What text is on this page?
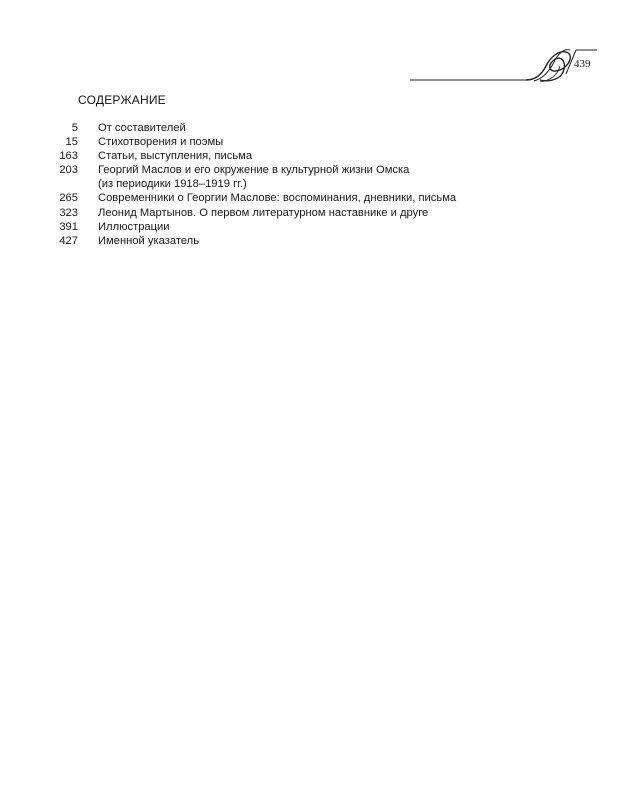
439
СОДЕРЖАНИЕ
5 От составителей
15 Стихотворения и поэмы
163 Статьи, выступления, письма
203 Георгий Маслов и его окружение в культурной жизни Омска
(из периодики 1918–1919 гг.)
265 Современники о Георгии Маслове: воспоминания, дневники, письма
323 Леонид Мартынов. О первом литературном наставнике и друге
391 Иллюстрации
427 Именной указатель
